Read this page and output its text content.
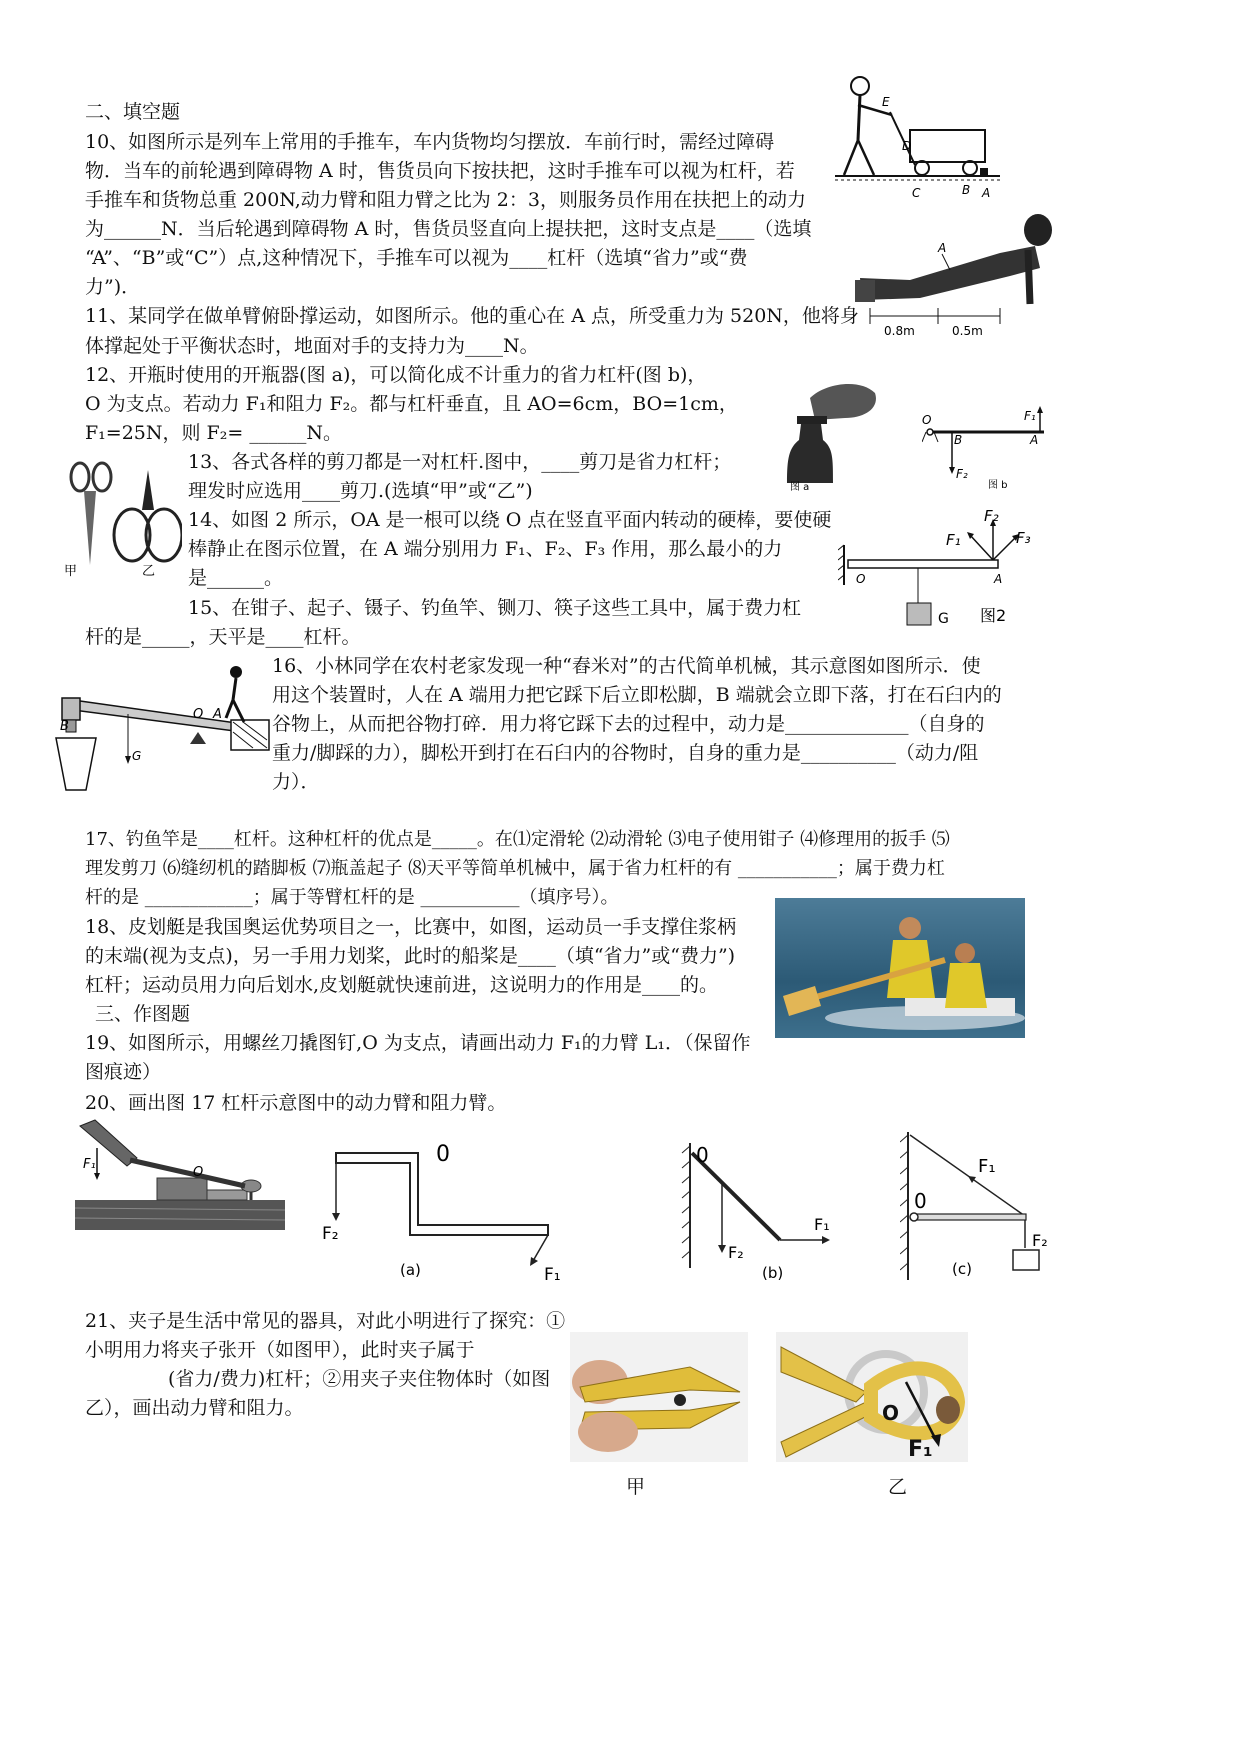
二、填空题
10、如图所示是列车上常用的手推车，车内货物均匀摆放．车前行时，需经过障碍
物．当车的前轮遇到障碍物 A 时，售货员向下按扶把，这时手推车可以视为杠杆，若
手推车和货物总重 200N,动力臂和阻力臂之比为 2：3，则服务员作用在扶把上的动力
为______N．当后轮遇到障碍物 A 时，售货员竖直向上提扶把，这时支点是____（选填
“A”、“B”或“C”）点,这种情况下，手推车可以视为____杠杆（选填“省力”或“费
力”)．
E
D
C	B A
11、某同学在做单臂俯卧撑运动，如图所示。他的重心在 A 点，所受重力为 520N，他将身
体撑起处于平衡状态时，地面对手的支持力为____N。
A
0.8m	0.5m
12、开瓶时使用的开瓶器(图 a)，可以简化成不计重力的省力杠杆(图 b)，
O 为支点。若动力 F₁和阻力 F₂。都与杠杆垂直，且 AO=6cm，BO=1cm，
F₁=25N，则 F₂= ______N。
图 a
O
B	A
F₁
F₂
图 b
甲	乙
13、各式各样的剪刀都是一对杠杆.图中，____剪刀是省力杠杆；
理发时应选用____剪刀.(选填“甲”或“乙”)
14、如图 2 所示，OA 是一根可以绕 O 点在竖直平面内转动的硬棒，要使硬
棒静止在图示位置，在 A 端分别用力 F₁、F₂、F₃ 作用，那么最小的力
是______。
F₁
F₂
F₃
O	A
G 图2
15、在钳子、起子、镊子、钓鱼竿、铡刀、筷子这些工具中，属于费力杠
杆的是_____，天平是____杠杆。
B
O A
G
16、小林同学在农村老家发现一种“舂米对”的古代简单机械，其示意图如图所示．使
用这个装置时，人在 A 端用力把它踩下后立即松脚，B 端就会立即下落，打在石臼内的
谷物上，从而把谷物打碎．用力将它踩下去的过程中，动力是_____________（自身的
重力/脚踩的力），脚松开到打在石臼内的谷物时，自身的重力是__________（动力/阻
力）．
17、钓鱼竿是____杠杆。这种杠杆的优点是_____。在⑴定滑轮 ⑵动滑轮 ⑶电子使用钳子 ⑷修理用的扳手 ⑸
理发剪刀 ⑹缝纫机的踏脚板 ⑺瓶盖起子 ⑻天平等简单机械中，属于省力杠杆的有 ___________；属于费力杠
杆的是 ____________；属于等臂杠杆的是 ___________（填序号）。
18、皮划艇是我国奥运优势项目之一，比赛中，如图，运动员一手支撑住浆柄
的末端(视为支点)，另一手用力划桨，此时的船桨是____（填“省力”或“费力”)
杠杆；运动员用力向后划水,皮划艇就快速前进，这说明力的作用是____的。
三、作图题
19、如图所示，用螺丝刀撬图钉,O 为支点，请画出动力 F₁的力臂 L₁．（保留作
图痕迹）
20、画出图 17 杠杆示意图中的动力臂和阻力臂。
F₁
O
0
F₂
F₁
(a)
0
F₂
F₁
(b)
F₁
0
F₂
(c)
21、夹子是生活中常见的器具，对此小明进行了探究：①
小明用力将夹子张开（如图甲），此时夹子属于
(省力/费力)杠杆；②用夹子夹住物体时（如图
乙），画出动力臂和阻力。
甲
O
F₁
乙
